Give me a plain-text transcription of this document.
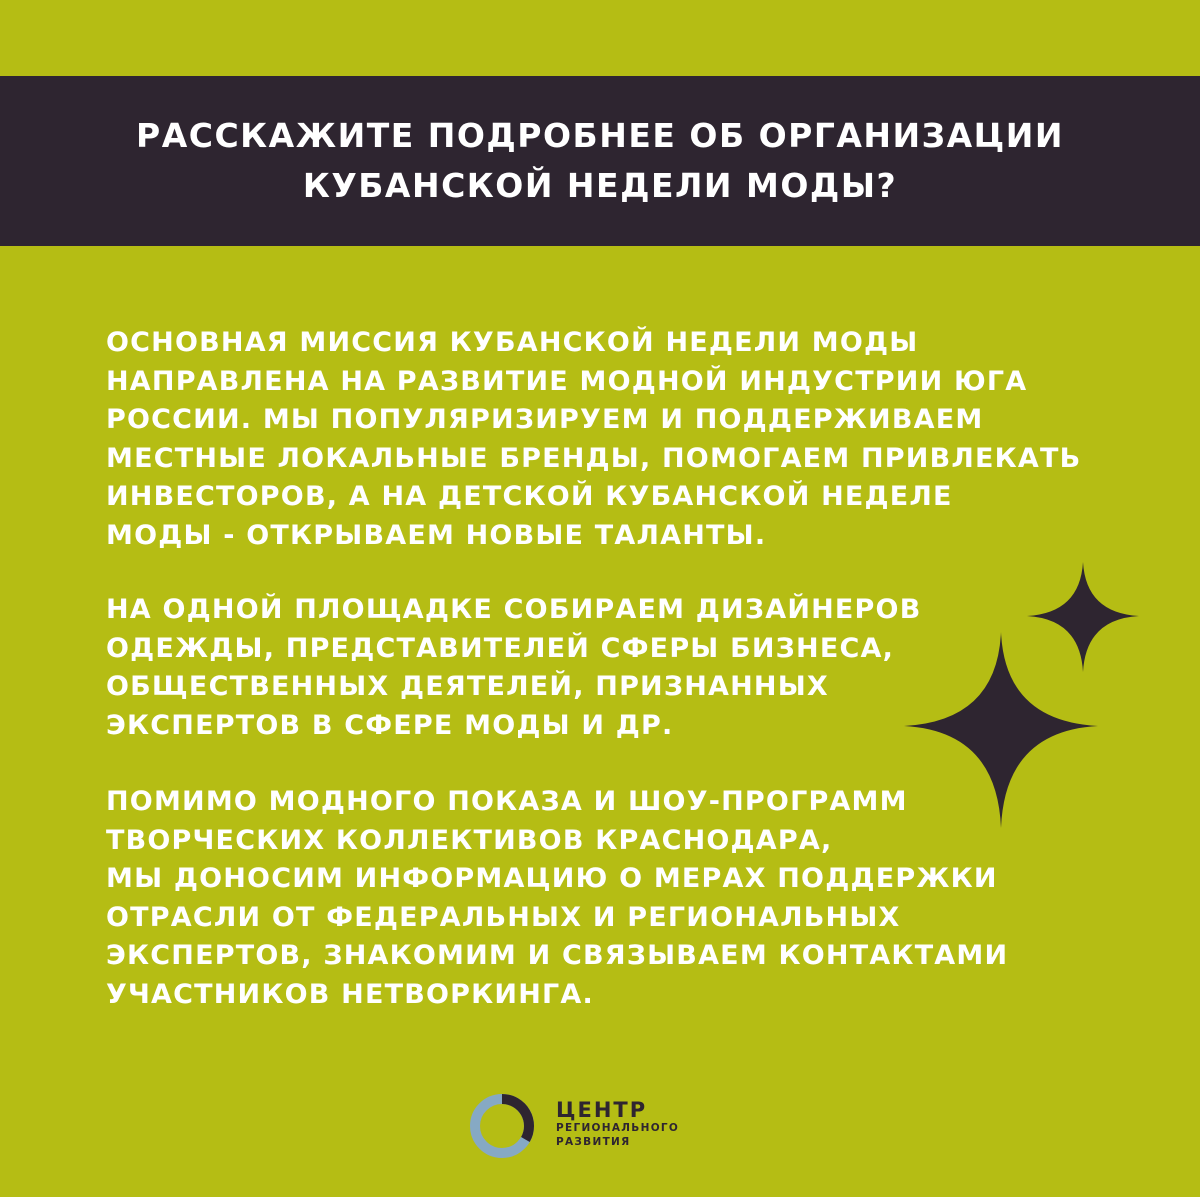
РАССКАЖИТЕ ПОДРОБНЕЕ ОБ ОРГАНИЗАЦИИ
КУБАНСКОЙ НЕДЕЛИ МОДЫ?
ОСНОВНАЯ МИССИЯ КУБАНСКОЙ НЕДЕЛИ МОДЫ
НАПРАВЛЕНА НА РАЗВИТИЕ МОДНОЙ ИНДУСТРИИ ЮГА
РОССИИ. МЫ ПОПУЛЯРИЗИРУЕМ И ПОДДЕРЖИВАЕМ
МЕСТНЫЕ ЛОКАЛЬНЫЕ БРЕНДЫ, ПОМОГАЕМ ПРИВЛЕКАТЬ
ИНВЕСТОРОВ, А НА ДЕТСКОЙ КУБАНСКОЙ НЕДЕЛЕ
МОДЫ - ОТКРЫВАЕМ НОВЫЕ ТАЛАНТЫ.
НА ОДНОЙ ПЛОЩАДКЕ СОБИРАЕМ ДИЗАЙНЕРОВ
ОДЕЖДЫ, ПРЕДСТАВИТЕЛЕЙ СФЕРЫ БИЗНЕСА,
ОБЩЕСТВЕННЫХ ДЕЯТЕЛЕЙ, ПРИЗНАННЫХ
ЭКСПЕРТОВ В СФЕРЕ МОДЫ И ДР.
ПОМИМО МОДНОГО ПОКАЗА И ШОУ-ПРОГРАММ
ТВОРЧЕСКИХ КОЛЛЕКТИВОВ КРАСНОДАРА,
МЫ ДОНОСИМ ИНФОРМАЦИЮ О МЕРАХ ПОДДЕРЖКИ
ОТРАСЛИ ОТ ФЕДЕРАЛЬНЫХ И РЕГИОНАЛЬНЫХ
ЭКСПЕРТОВ, ЗНАКОМИМ И СВЯЗЫВАЕМ КОНТАКТАМИ
УЧАСТНИКОВ НЕТВОРКИНГА.
ЦЕНТР
РЕГИОНАЛЬНОГО
РАЗВИТИЯ
